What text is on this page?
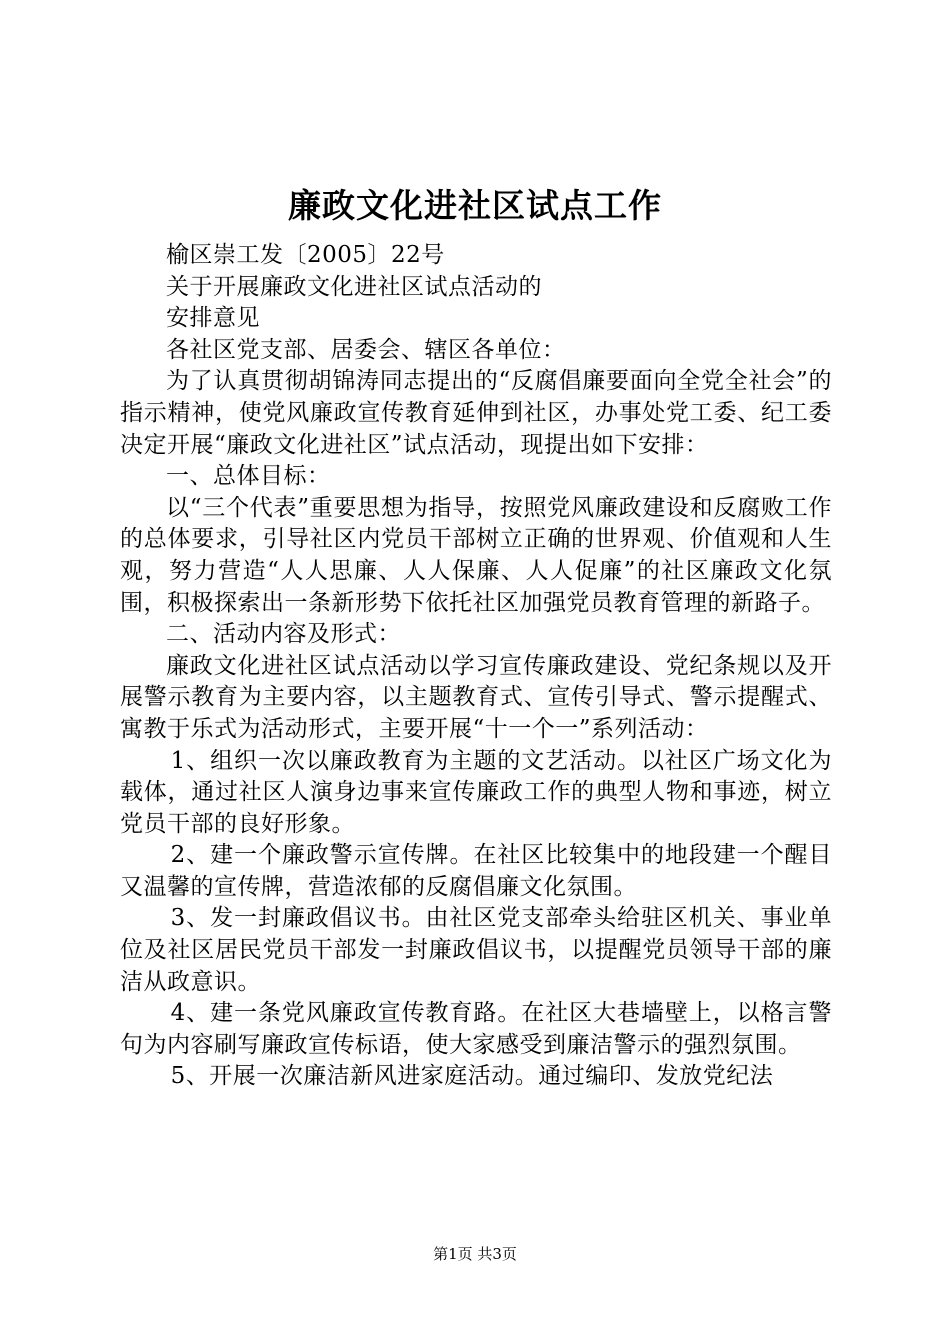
廉政文化进社区试点工作

榆区崇工发〔2005〕22号

关于开展廉政文化进社区试点活动的

安排意见

各社区党支部、居委会、辖区各单位：

为了认真贯彻胡锦涛同志提出的“反腐倡廉要面向全党全社会”的指示精神，使党风廉政宣传教育延伸到社区，办事处党工委、纪工委决定开展“廉政文化进社区”试点活动，现提出如下安排：

一、总体目标：

以“三个代表”重要思想为指导，按照党风廉政建设和反腐败工作的总体要求，引导社区内党员干部树立正确的世界观、价值观和人生观，努力营造“人人思廉、人人保廉、人人促廉”的社区廉政文化氛围，积极探索出一条新形势下依托社区加强党员教育管理的新路子。

二、活动内容及形式：

廉政文化进社区试点活动以学习宣传廉政建设、党纪条规以及开展警示教育为主要内容，以主题教育式、宣传引导式、警示提醒式、寓教于乐式为活动形式，主要开展“十一个一”系列活动：

1、组织一次以廉政教育为主题的文艺活动。以社区广场文化为载体，通过社区人演身边事来宣传廉政工作的典型人物和事迹，树立党员干部的良好形象。

2、建一个廉政警示宣传牌。在社区比较集中的地段建一个醒目又温馨的宣传牌，营造浓郁的反腐倡廉文化氛围。

3、发一封廉政倡议书。由社区党支部牵头给驻区机关、事业单位及社区居民党员干部发一封廉政倡议书，以提醒党员领导干部的廉洁从政意识。

4、建一条党风廉政宣传教育路。在社区大巷墙壁上，以格言警句为内容刷写廉政宣传标语，使大家感受到廉洁警示的强烈氛围。

5、开展一次廉洁新风进家庭活动。通过编印、发放党纪法

第1页 共3页
